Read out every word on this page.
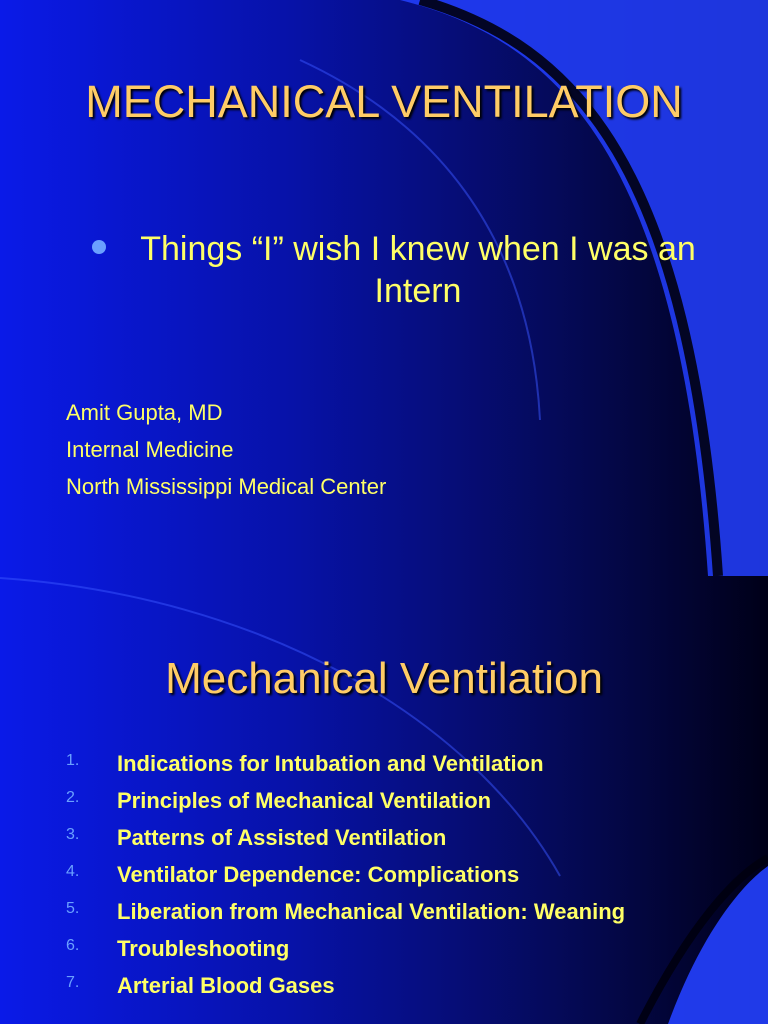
MECHANICAL VENTILATION
Things “I” wish I knew when I was an Intern
Amit Gupta, MD
Internal Medicine
North Mississippi Medical Center
Mechanical Ventilation
1. Indications for Intubation and Ventilation
2. Principles of Mechanical Ventilation
3. Patterns of Assisted Ventilation
4. Ventilator Dependence: Complications
5. Liberation from Mechanical Ventilation: Weaning
6. Troubleshooting
7. Arterial Blood Gases
